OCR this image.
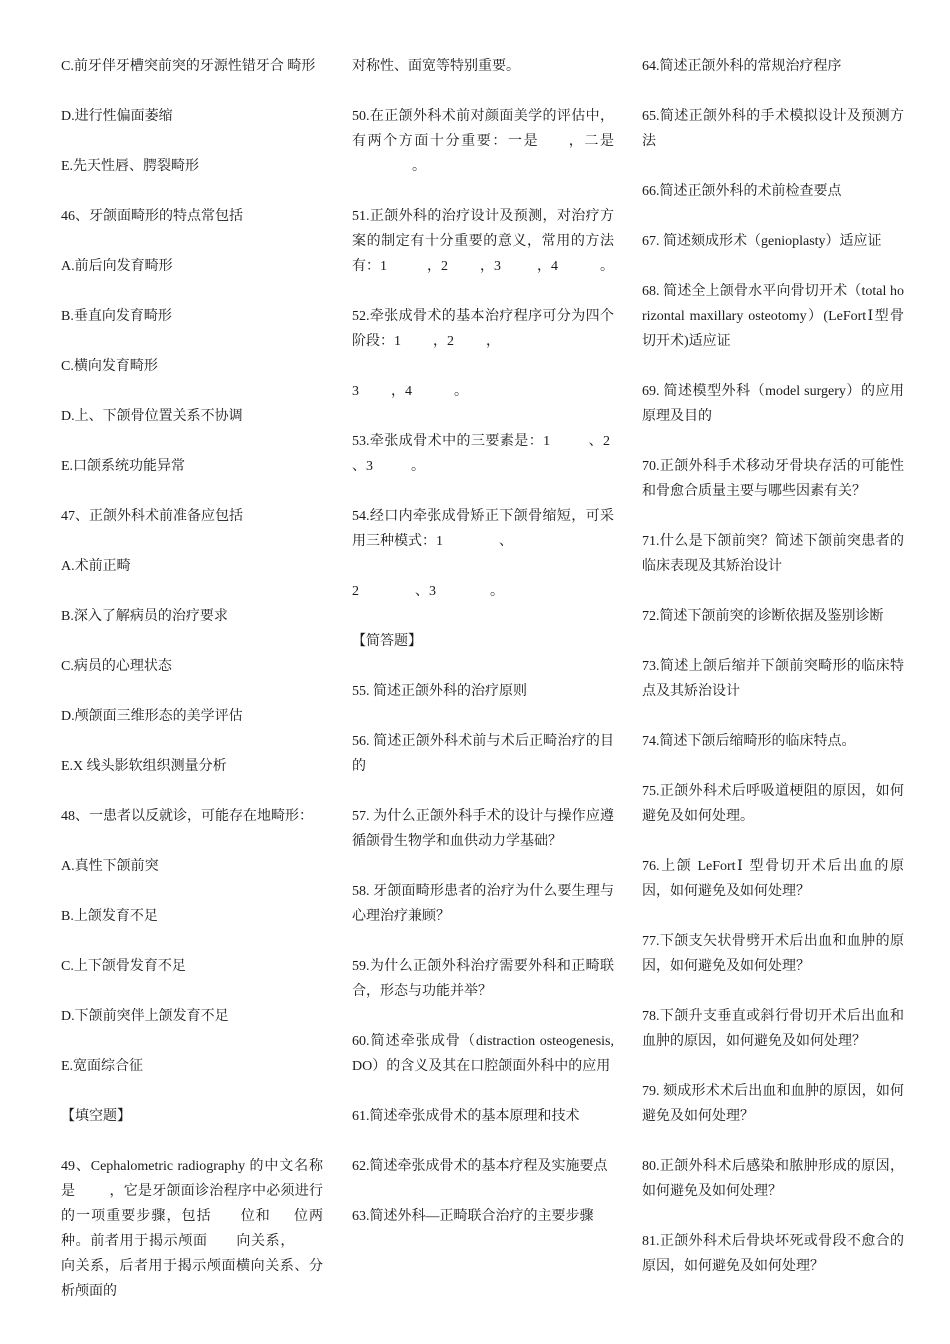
C.前牙伴牙槽突前突的牙源性错牙合 畸形

D.进行性偏面萎缩

E.先天性唇、腭裂畸形

46、牙颌面畸形的特点常包括

A.前后向发育畸形

B.垂直向发育畸形

C.横向发育畸形

D.上、下颌骨位置关系不协调

E.口颌系统功能异常

47、正颌外科术前准备应包括

A.术前正畸

B.深入了解病员的治疗要求

C.病员的心理状态

D.颅颌面三维形态的美学评估

E.X 线头影软组织测量分析

48、一患者以反就诊，可能存在地畸形：

A.真性下颌前突

B.上颌发育不足

C.上下颌骨发育不足

D.下颌前突伴上颌发育不足

E.宽面综合征

【填空题】

49、Cephalometric radiography 的中文名称是 ，它是牙颌面诊治程序中必须进行的一项重要步骤，包括 位和 位两种。前者用于揭示颅面 向关系，向关系，后者用于揭示颅面横向关系、分析颅面的

对称性、面宽等特别重要。

50.在正颌外科术前对颜面美学的评估中，有两个方面十分重要：一是 ，二是。

51.正颌外科的治疗设计及预测，对治疗方案的制定有十分重要的意义，常用的方法有：1	，2 ，3	，4	。

52.牵张成骨术的基本治疗程序可分为四个阶段：1 ，2 ，

3 ，4	。

53.牵张成骨术中的三要素是：1	、2、3	。

54.经口内牵张成骨矫正下颌骨缩短，可采用三种模式：1	、

2	、3	。

【简答题】

55. 简述正颌外科的治疗原则

56. 简述正颌外科术前与术后正畸治疗的目的

57. 为什么正颌外科手术的设计与操作应遵循颌骨生物学和血供动力学基础？

58. 牙颌面畸形患者的治疗为什么要生理与心理治疗兼顾？

59.为什么正颌外科治疗需要外科和正畸联合，形态与功能并举？

60.简述牵张成骨（distraction osteogenesis,DO）的含义及其在口腔颌面外科中的应用

61.简述牵张成骨术的基本原理和技术

62.简述牵张成骨术的基本疗程及实施要点

63.简述外科—正畸联合治疗的主要步骤

64.简述正颌外科的常规治疗程序

65.简述正颌外科的手术模拟设计及预测方法

66.简述正颌外科的术前检查要点

67. 简述颏成形术（genioplasty）适应证

68. 简述全上颌骨水平向骨切开术（total horizontal maxillary osteotomy）(LeFortⅠ型骨切开术)适应证

69. 简述模型外科（model surgery）的应用原理及目的

70.正颌外科手术移动牙骨块存活的可能性和骨愈合质量主要与哪些因素有关？

71.什么是下颌前突？简述下颌前突患者的临床表现及其矫治设计

72.简述下颌前突的诊断依据及鉴别诊断

73.简述上颌后缩并下颌前突畸形的临床特点及其矫治设计

74.简述下颌后缩畸形的临床特点。

75.正颌外科术后呼吸道梗阻的原因，如何避免及如何处理。

76.上颌 LeFortⅠ 型骨切开术后出血的原因，如何避免及如何处理？

77.下颌支矢状骨劈开术后出血和血肿的原因，如何避免及如何处理？

78.下颌升支垂直或斜行骨切开术后出血和血肿的原因，如何避免及如何处理？

79. 颏成形术术后出血和血肿的原因，如何避免及如何处理？

80.正颌外科术后感染和脓肿形成的原因，如何避免及如何处理？

81.正颌外科术后骨块坏死或骨段不愈合的原因，如何避免及如何处理？
